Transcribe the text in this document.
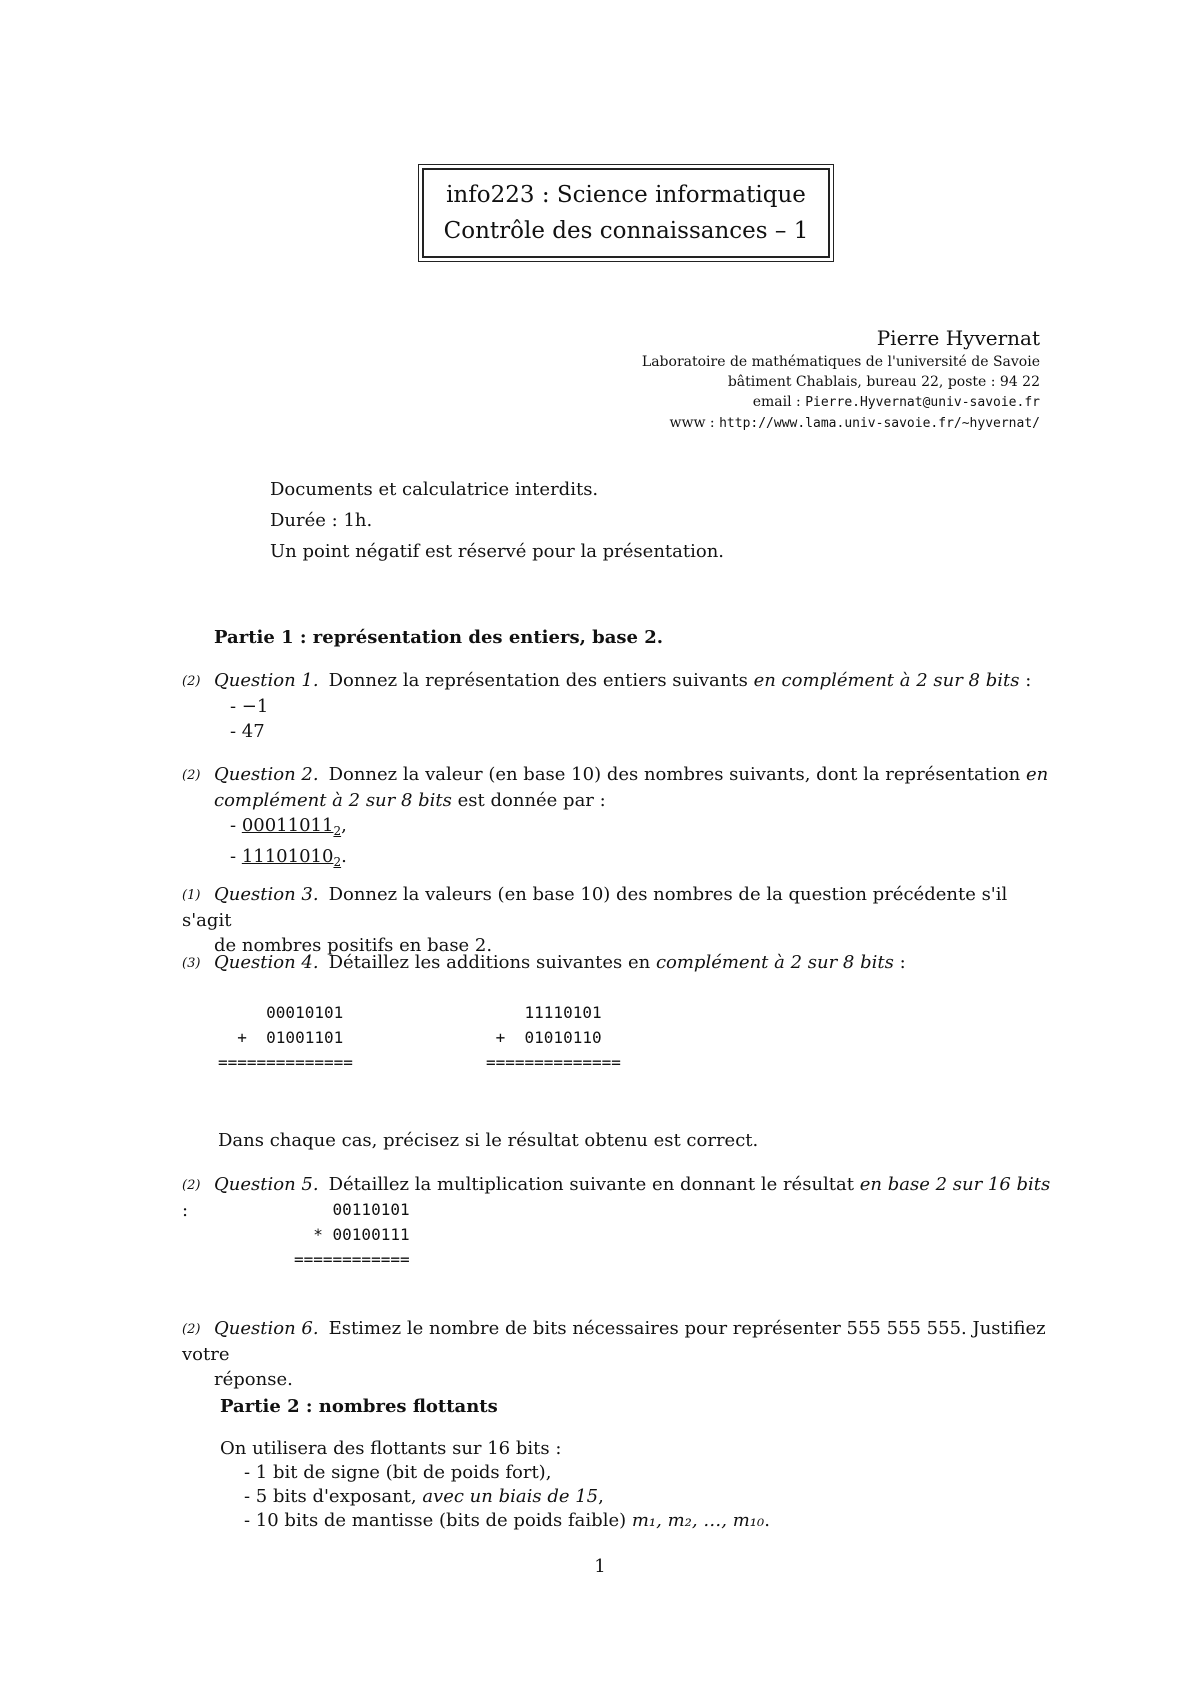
info223 : Science informatique
Contrôle des connaissances – 1
Pierre Hyvernat
Laboratoire de mathématiques de l'université de Savoie
bâtiment Chablais, bureau 22, poste : 94 22
email : Pierre.Hyvernat@univ-savoie.fr
www : http://www.lama.univ-savoie.fr/~hyvernat/
Documents et calculatrice interdits.
Durée : 1h.
Un point négatif est réservé pour la présentation.
Partie 1 : représentation des entiers, base 2.
(2) Question 1. Donnez la représentation des entiers suivants en complément à 2 sur 8 bits :
- −1
- 47
(2) Question 2. Donnez la valeur (en base 10) des nombres suivants, dont la représentation en
complément à 2 sur 8 bits est donnée par :
- $00011011_2$,
- $11101010_2$.
(1) Question 3. Donnez la valeurs (en base 10) des nombres de la question précédente s'il s'agit
de nombres positifs en base 2.
(3) Question 4. Détaillez les additions suivantes en complément à 2 sur 8 bits :
00010101
+  01001101
==============
11110101
+  01010110
==============
Dans chaque cas, précisez si le résultat obtenu est correct.
(2) Question 5. Détaillez la multiplication suivante en donnant le résultat en base 2 sur 16 bits :	00110101
* 00100111
============
(2) Question 6. Estimez le nombre de bits nécessaires pour représenter 555 555 555. Justifiez votre
réponse.
Partie 2 : nombres flottants
On utilisera des flottants sur 16 bits :
- 1 bit de signe (bit de poids fort),
- 5 bits d'exposant, avec un biais de 15,
- 10 bits de mantisse (bits de poids faible) m₁, m₂, …, m₁₀.
1
